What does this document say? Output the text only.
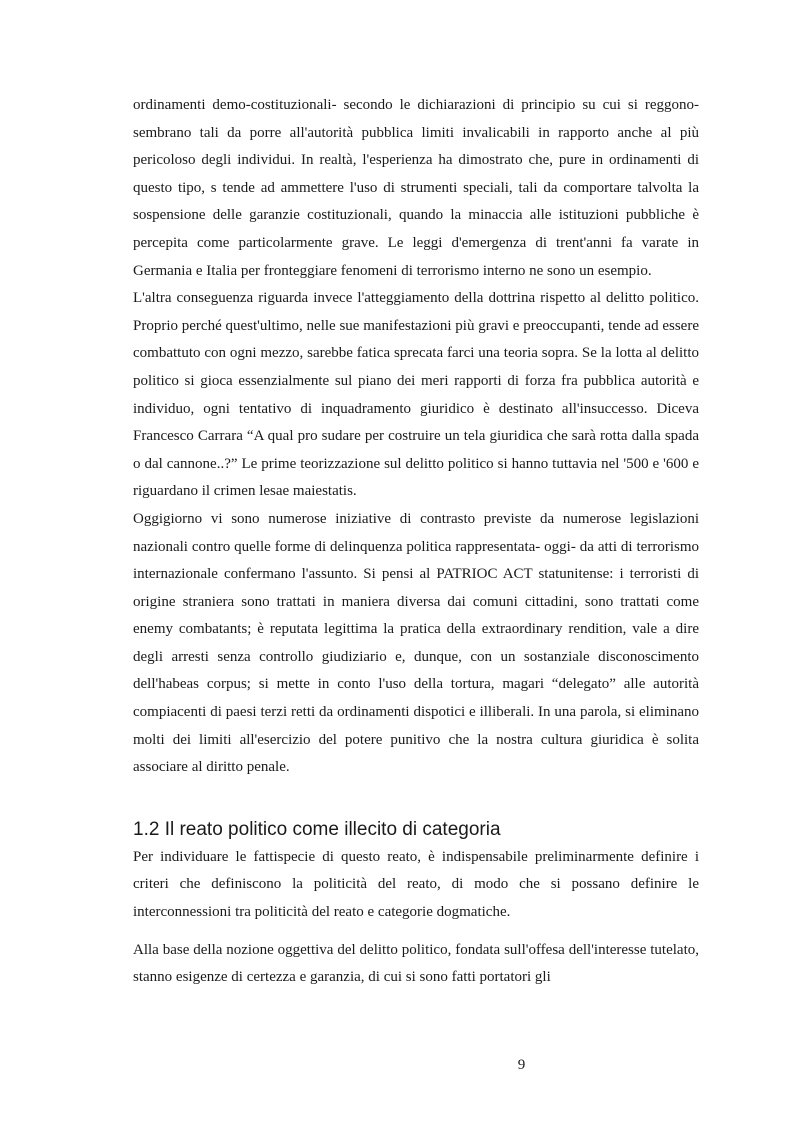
ordinamenti demo-costituzionali- secondo le dichiarazioni di principio su cui si reggono- sembrano tali da porre all'autorità pubblica limiti invalicabili in rapporto anche al più pericoloso degli individui. In realtà, l'esperienza ha dimostrato che, pure in ordinamenti di questo tipo, s tende ad ammettere l'uso di strumenti speciali, tali da comportare talvolta la sospensione delle garanzie costituzionali, quando la minaccia alle istituzioni pubbliche è percepita come particolarmente grave. Le leggi d'emergenza di trent'anni fa varate in Germania e Italia per fronteggiare fenomeni di terrorismo interno ne sono un esempio.

L'altra conseguenza riguarda invece l'atteggiamento della dottrina rispetto al delitto politico. Proprio perché quest'ultimo, nelle sue manifestazioni più gravi e preoccupanti, tende ad essere combattuto con ogni mezzo, sarebbe fatica sprecata farci una teoria sopra. Se la lotta al delitto politico si gioca essenzialmente sul piano dei meri rapporti di forza fra pubblica autorità e individuo, ogni tentativo di inquadramento giuridico è destinato all'insuccesso. Diceva Francesco Carrara “A qual pro sudare per costruire un tela giuridica che sarà rotta dalla spada o dal cannone..?” Le prime teorizzazione sul delitto politico si hanno tuttavia nel '500 e '600 e riguardano il crimen lesae maiestatis.

Oggigiorno vi sono numerose iniziative di contrasto previste da numerose legislazioni nazionali contro quelle forme di delinquenza politica rappresentata- oggi- da atti di terrorismo internazionale confermano l'assunto. Si pensi al PATRIOC ACT statunitense: i terroristi di origine straniera sono trattati in maniera diversa dai comuni cittadini, sono trattati come enemy combatants; è reputata legittima la pratica della extraordinary rendition, vale a dire degli arresti senza controllo giudiziario e, dunque, con un sostanziale disconoscimento dell'habeas corpus; si mette in conto l'uso della tortura, magari “delegato” alle autorità compiacenti di paesi terzi retti da ordinamenti dispotici e illiberali. In una parola, si eliminano molti dei limiti all'esercizio del potere punitivo che la nostra cultura giuridica è solita associare al diritto penale.

1.2 Il reato politico come illecito di categoria

Per individuare le fattispecie di questo reato, è indispensabile preliminarmente definire i criteri che definiscono la politicità del reato, di modo che si possano definire le interconnessioni tra politicità del reato e categorie dogmatiche.

Alla base della nozione oggettiva del delitto politico, fondata sull'offesa dell'interesse tutelato, stanno esigenze di certezza e garanzia, di cui si sono fatti portatori gli

9
